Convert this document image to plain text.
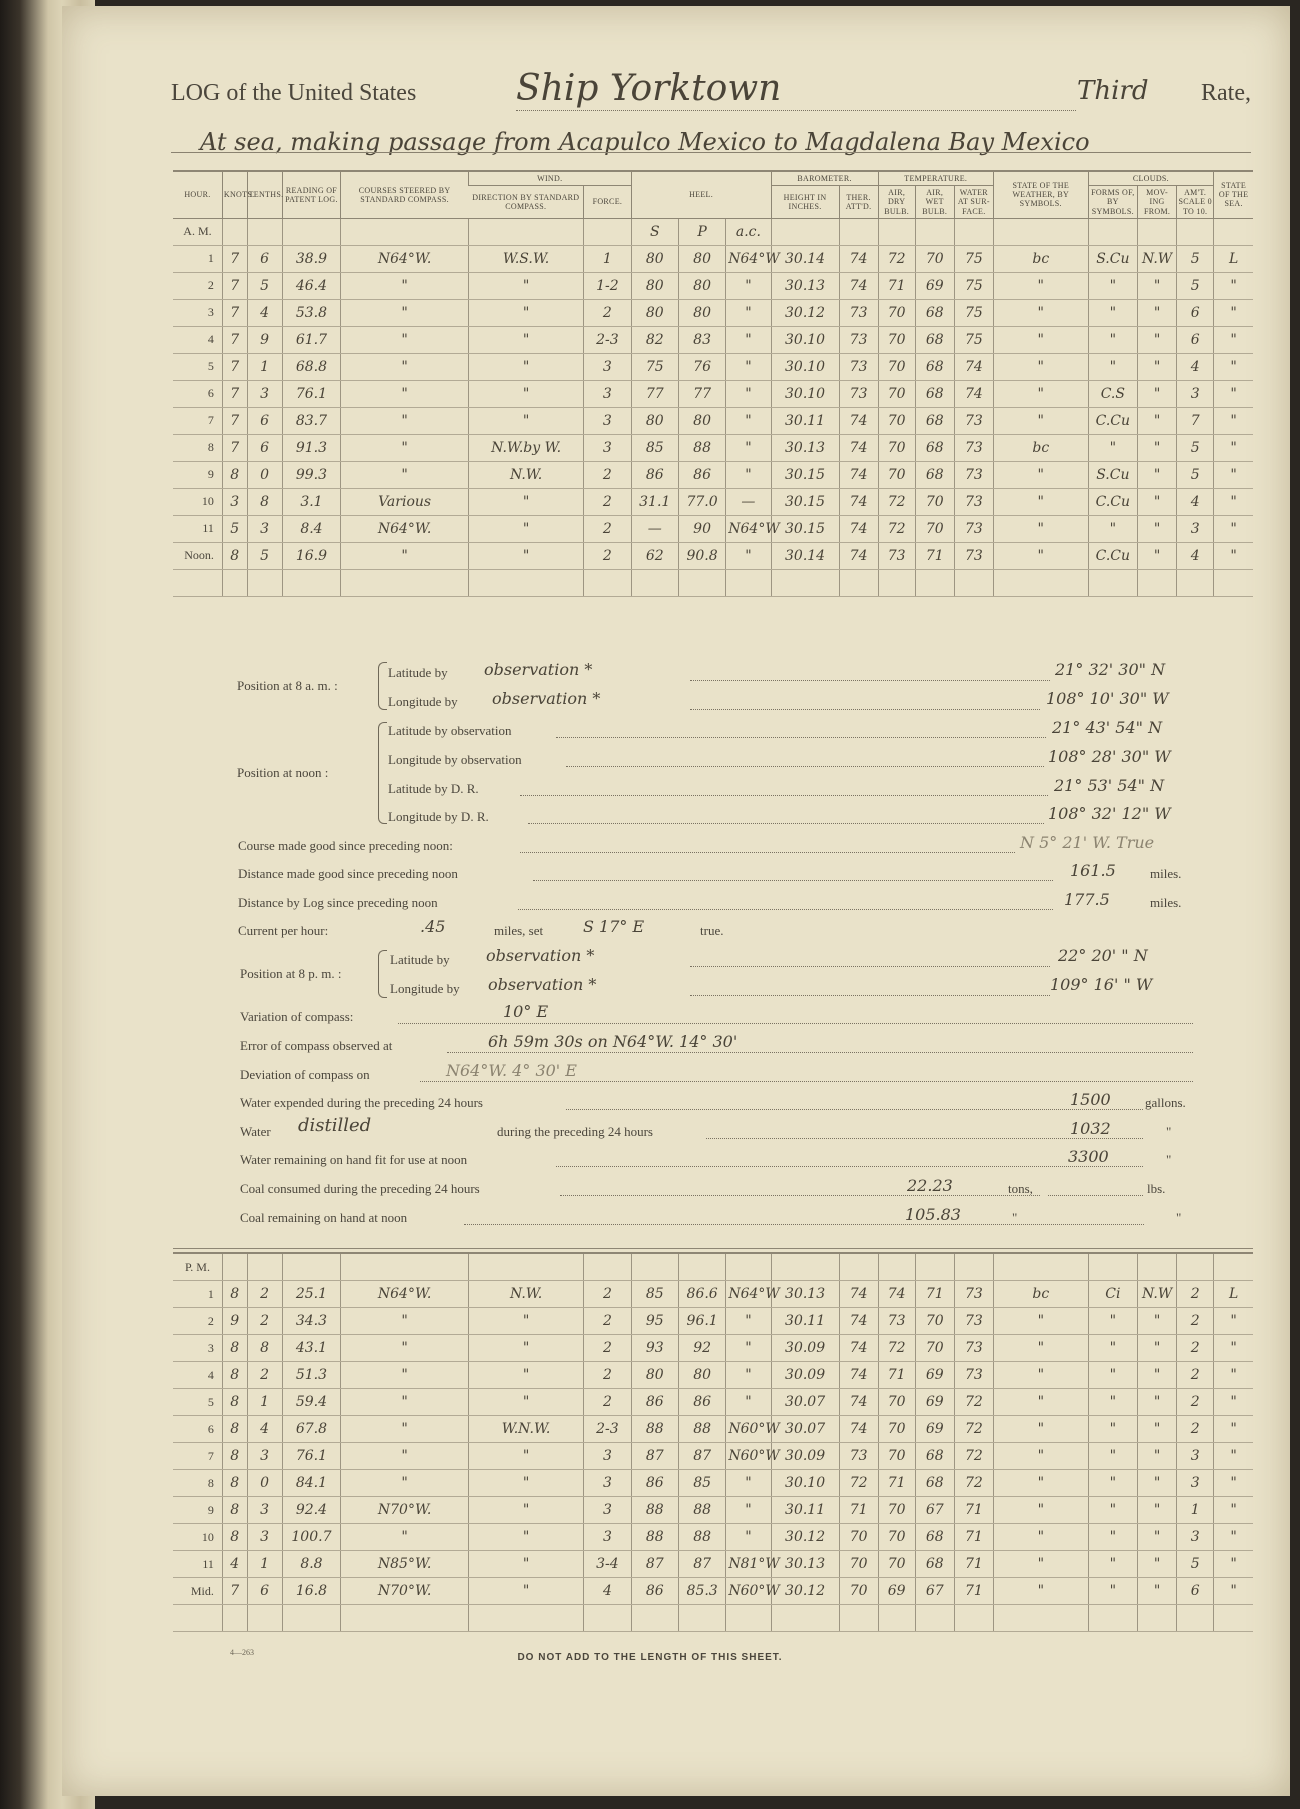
LOG of the United States	Ship Yorktown	Third Rate,
At sea, making passage from Acapulco Mexico to Magdalena Bay Mexico
HOUR.	KNOTS.	TENTHS.	READING OF PATENT LOG.	COURSES STEERED BY STANDARD COMPASS.	WIND.		HEEL.			BAROMETER.		TEMPERATURE.			STATE OF THE WEATHER, BY SYMBOLS.	CLOUDS.			STATE OF THE SEA.
					DIRECTION BY STANDARD COMPASS.	FORCE.				HEIGHT IN INCHES.	THER. ATT'D.	AIR, DRY BULB.	AIR, WET BULB.	WATER AT SUR-FACE.		FORMS OF, BY SYMBOLS.	MOV-ING FROM.	AM'T. SCALE 0 TO 10.	
A. M.							S	P	a.c.										
1	7	6	38.9	N64°W.	W.S.W.	1	80	80	N64°W	30.14	74	72	70	75	bc	S.Cu	N.W	5	L
2	7	5	46.4	"	"	1-2	80	80	"	30.13	74	71	69	75	"	"	"	5	"
3	7	4	53.8	"	"	2	80	80	"	30.12	73	70	68	75	"	"	"	6	"
4	7	9	61.7	"	"	2-3	82	83	"	30.10	73	70	68	75	"	"	"	6	"
5	7	1	68.8	"	"	3	75	76	"	30.10	73	70	68	74	"	"	"	4	"
6	7	3	76.1	"	"	3	77	77	"	30.10	73	70	68	74	"	C.S	"	3	"
7	7	6	83.7	"	"	3	80	80	"	30.11	74	70	68	73	"	C.Cu	"	7	"
8	7	6	91.3	"	N.W.by W.	3	85	88	"	30.13	74	70	68	73	bc	"	"	5	"
9	8	0	99.3	"	N.W.	2	86	86	"	30.15	74	70	68	73	"	S.Cu	"	5	"
10	3	8	3.1	Various	"	2	31.1	77.0	—	30.15	74	72	70	73	"	C.Cu	"	4	"
11	5	3	8.4	N64°W.	"	2	—	90	N64°W	30.15	74	72	70	73	"	"	"	3	"
Noon.	8	5	16.9	"	"	2	62	90.8	"	30.14	74	73	71	73	"	C.Cu	"	4	"

Position at 8 a. m. :
Latitude by observation *	21° 32' 30" N
Longitude by observation *	108° 10' 30" W
Position at noon :
Latitude by observation	21° 43' 54" N
Longitude by observation	108° 28' 30" W
Latitude by D. R.	21° 53' 54" N
Longitude by D. R.	108° 32' 12" W
Course made good since preceding noon:	N 5° 21' W. True
Distance made good since preceding noon	161.5	miles.
Distance by Log since preceding noon	177.5	miles.
Current per hour:	.45	miles, set S 17° E	true.
Position at 8 p. m. :
Latitude by observation *	22° 20' " N
Longitude by observation *	109° 16' " W
Variation of compass:	10° E
Error of compass observed at	6h 59m 30s on N64°W. 14° 30'
Deviation of compass on	N64°W. 4° 30' E
Water expended during the preceding 24 hours	1500	gallons.
Water distilled	during the preceding 24 hours	1032	"
Water remaining on hand fit for use at noon	3300	"
Coal consumed during the preceding 24 hours	22.23	tons,	lbs.
Coal remaining on hand at noon	105.83	"	"
P. M.																			
1	8	2	25.1	N64°W.	N.W.	2	85	86.6	N64°W	30.13	74	74	71	73	bc	Ci	N.W	2	L
2	9	2	34.3	"	"	2	95	96.1	"	30.11	74	73	70	73	"	"	"	2	"
3	8	8	43.1	"	"	2	93	92	"	30.09	74	72	70	73	"	"	"	2	"
4	8	2	51.3	"	"	2	80	80	"	30.09	74	71	69	73	"	"	"	2	"
5	8	1	59.4	"	"	2	86	86	"	30.07	74	70	69	72	"	"	"	2	"
6	8	4	67.8	"	W.N.W.	2-3	88	88	N60°W	30.07	74	70	69	72	"	"	"	2	"
7	8	3	76.1	"	"	3	87	87	N60°W	30.09	73	70	68	72	"	"	"	3	"
8	8	0	84.1	"	"	3	86	85	"	30.10	72	71	68	72	"	"	"	3	"
9	8	3	92.4	N70°W.	"	3	88	88	"	30.11	71	70	67	71	"	"	"	1	"
10	8	3	100.7	"	"	3	88	88	"	30.12	70	70	68	71	"	"	"	3	"
11	4	1	8.8	N85°W.	"	3-4	87	87	N81°W	30.13	70	70	68	71	"	"	"	5	"
Mid.	7	6	16.8	N70°W.	"	4	86	85.3	N60°W	30.12	70	69	67	71	"	"	"	6	"

4—263	DO NOT ADD TO THE LENGTH OF THIS SHEET.
